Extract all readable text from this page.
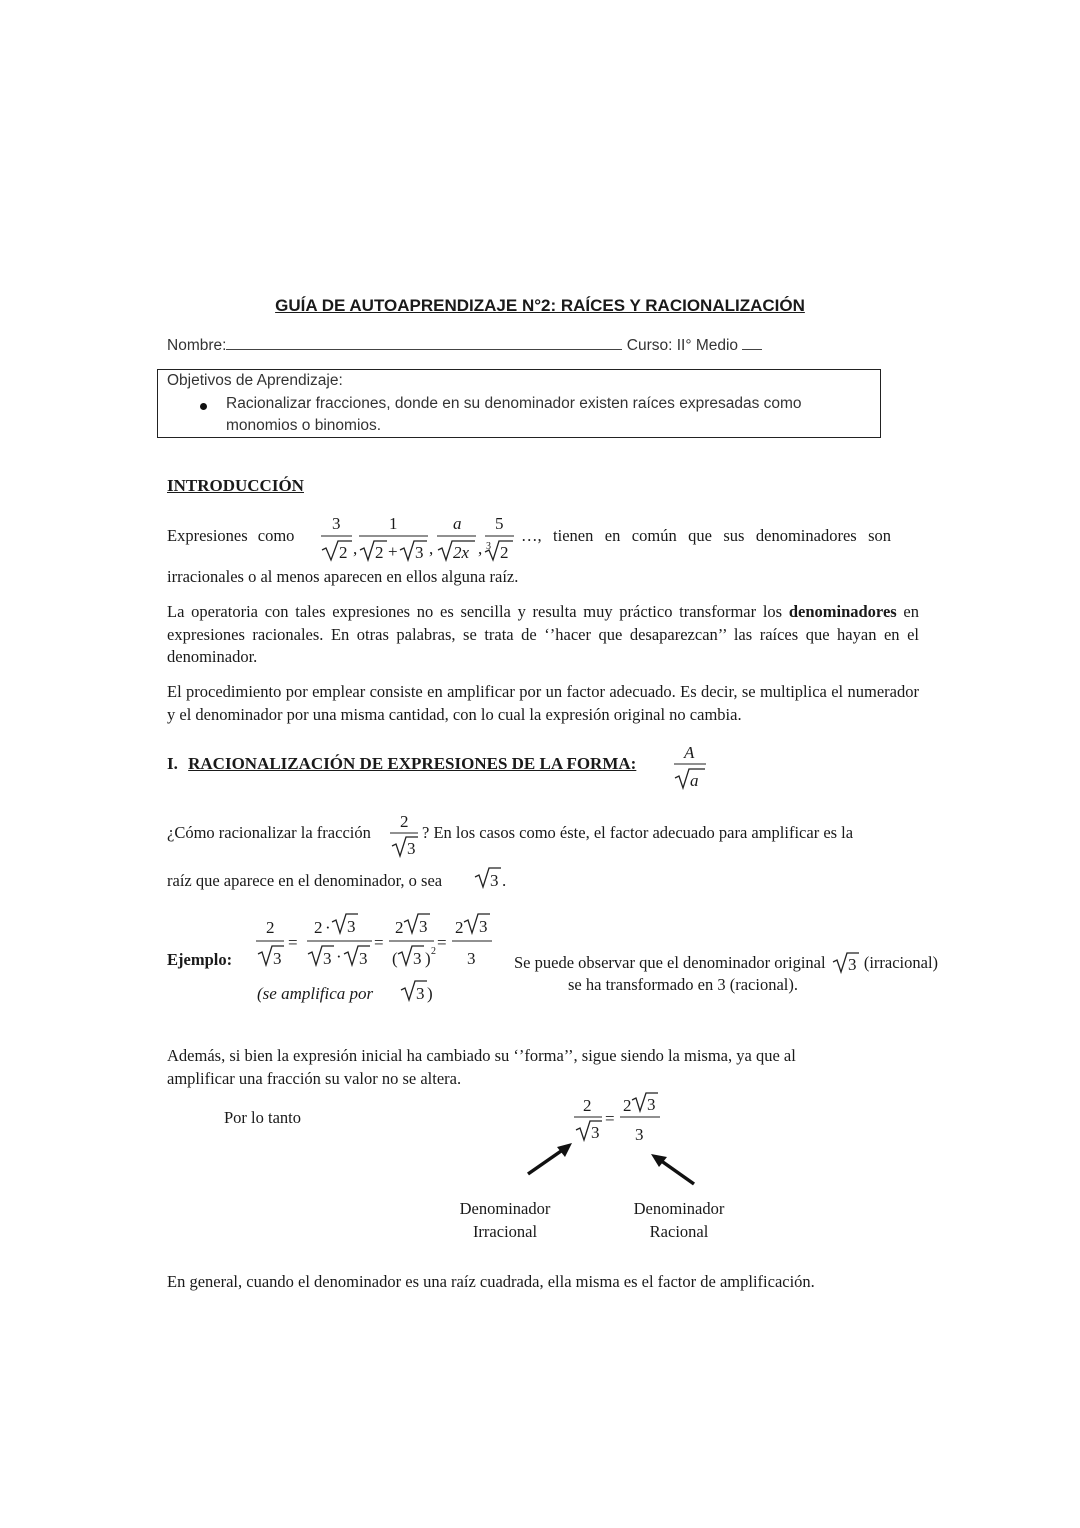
GUÍA DE AUTOAPRENDIZAJE N°2: RAÍCES Y RACIONALIZACIÓN
Nombre:	Curso: II° Medio
Objetivos de Aprendizaje:
Racionalizar fracciones, donde en su denominador existen raíces expresadas como
monomios o binomios.
INTRODUCCIÓN
Expresiones como
3
2 ,
1
2 + 3 ,
a
2x ,
5
3 2
…, tienen en común que sus denominadores son
irracionales o al menos aparecen en ellos alguna raíz.
La operatoria con tales expresiones no es sencilla y resulta muy práctico transformar los denominadores en expresiones racionales. En otras palabras, se trata de ‘’hacer que desaparezcan’’ las raíces que hayan en el denominador.
El procedimiento por emplear consiste en amplificar por un factor adecuado. Es decir, se multiplica el numerador y el denominador por una misma cantidad, con lo cual la expresión original no cambia.
I. RACIONALIZACIÓN DE EXPRESIONES DE LA FORMA:
A
a
¿Cómo racionalizar la fracción
2
3
? En los casos como éste, el factor adecuado para amplificar es la
raíz que aparece en el denominador, o sea	3 .
Ejemplo:
2
3
=
2 · 3
3 · 3
=
2 3
( 3 ) 2 =
2 3
3
(se amplifica por	3 )
Se puede observar que el denominador original 3 (irracional)
se ha transformado en 3 (racional).
Además, si bien la expresión inicial ha cambiado su ‘’forma’’, sigue siendo la misma, ya que al amplificar una fracción su valor no se altera.
Por lo tanto
2
3
=
2 3
3
Denominador
Irracional
Denominador
Racional
En general, cuando el denominador es una raíz cuadrada, ella misma es el factor de amplificación.
